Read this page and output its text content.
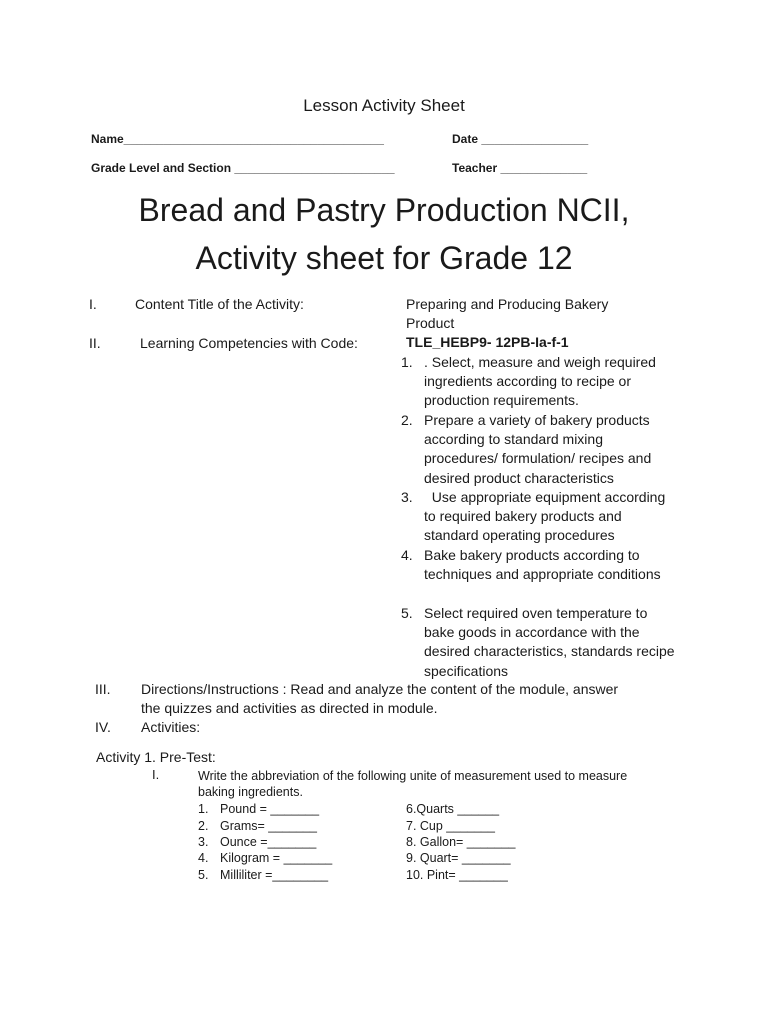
Lesson Activity Sheet
Name_______________________________________	Date ________________
Grade Level and Section ________________________	Teacher _____________
Bread and Pastry Production NCII,
Activity sheet for Grade 12
I.	Content Title of the Activity:	Preparing and Producing Bakery
Product
II.	Learning Competencies with Code:	TLE_HEBP9- 12PB-Ia-f-1
1. . Select, measure and weigh required ingredients according to recipe or production requirements.
2. Prepare a variety of bakery products according to standard mixing procedures/ formulation/ recipes and desired product characteristics
3. Use appropriate equipment according to required bakery products and standard operating procedures
4. Bake bakery products according to techniques and appropriate conditions
5. Select required oven temperature to bake goods in accordance with the desired characteristics, standards recipe specifications
III. Directions/Instructions : Read and analyze the content of the module, answer
the quizzes and activities as directed in module.
IV. Activities:
Activity 1. Pre-Test:
I.	Write the abbreviation of the following unite of measurement used to measure
baking ingredients.
1. Pound = _______
2. Grams= _______
3. Ounce =_______
4. Kilogram = _______
5. Milliliter =________
6.Quarts ______
7. Cup _______
8. Gallon= _______
9. Quart= _______
10. Pint= _______
